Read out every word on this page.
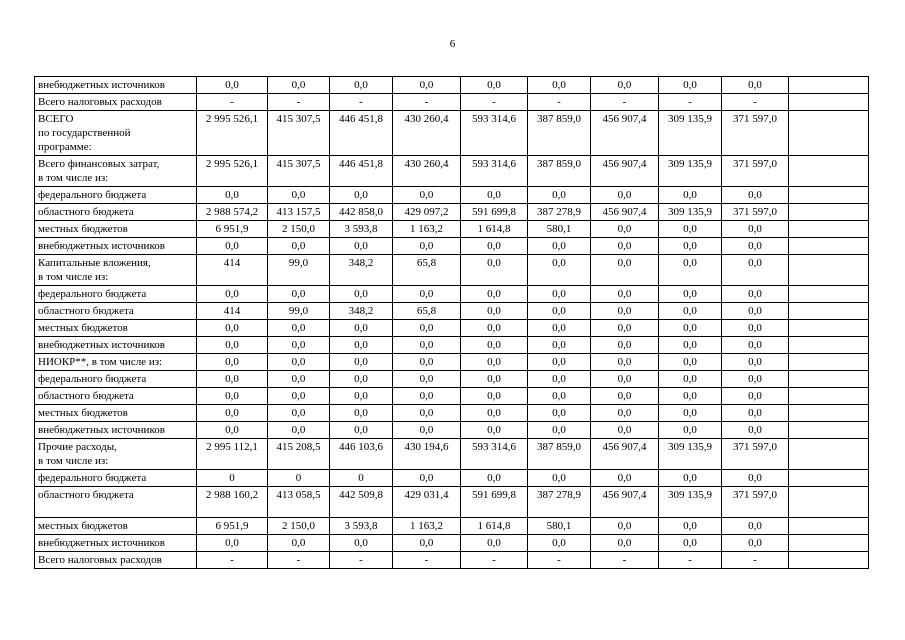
6
внебюджетных источников	0,0	0,0	0,0	0,0	0,0	0,0	0,0	0,0	0,0	

Всего налоговых расходов	-	-	-	-	-	-	-	-	-	

ВСЕГО
по государственной
программе:	2 995 526,1	415 307,5	446 451,8	430 260,4	593 314,6	387 859,0	456 907,4	309 135,9	371 597,0	

Всего финансовых затрат,
в том числе из:	2 995 526,1	415 307,5	446 451,8	430 260,4	593 314,6	387 859,0	456 907,4	309 135,9	371 597,0	

федерального бюджета	0,0	0,0	0,0	0,0	0,0	0,0	0,0	0,0	0,0	

областного бюджета	2 988 574,2	413 157,5	442 858,0	429 097,2	591 699,8	387 278,9	456 907,4	309 135,9	371 597,0	

местных бюджетов	6 951,9	2 150,0	3 593,8	1 163,2	1 614,8	580,1	0,0	0,0	0,0	

внебюджетных источников	0,0	0,0	0,0	0,0	0,0	0,0	0,0	0,0	0,0	

Капитальные вложения,
в том числе из:	414	99,0	348,2	65,8	0,0	0,0	0,0	0,0	0,0	

федерального бюджета	0,0	0,0	0,0	0,0	0,0	0,0	0,0	0,0	0,0	

областного бюджета	414	99,0	348,2	65,8	0,0	0,0	0,0	0,0	0,0	

местных бюджетов	0,0	0,0	0,0	0,0	0,0	0,0	0,0	0,0	0,0	

внебюджетных источников	0,0	0,0	0,0	0,0	0,0	0,0	0,0	0,0	0,0	

НИОКР**, в том числе из:	0,0	0,0	0,0	0,0	0,0	0,0	0,0	0,0	0,0	

федерального бюджета	0,0	0,0	0,0	0,0	0,0	0,0	0,0	0,0	0,0	

областного бюджета	0,0	0,0	0,0	0,0	0,0	0,0	0,0	0,0	0,0	

местных бюджетов	0,0	0,0	0,0	0,0	0,0	0,0	0,0	0,0	0,0	

внебюджетных источников	0,0	0,0	0,0	0,0	0,0	0,0	0,0	0,0	0,0	

Прочие расходы,
в том числе из:	2 995 112,1	415 208,5	446 103,6	430 194,6	593 314,6	387 859,0	456 907,4	309 135,9	371 597,0	

федерального бюджета	0	0	0	0,0	0,0	0,0	0,0	0,0	0,0	

областного бюджета	2 988 160,2	413 058,5	442 509,8	429 031,4	591 699,8	387 278,9	456 907,4	309 135,9	371 597,0	

местных бюджетов	6 951,9	2 150,0	3 593,8	1 163,2	1 614,8	580,1	0,0	0,0	0,0	

внебюджетных источников	0,0	0,0	0,0	0,0	0,0	0,0	0,0	0,0	0,0	

Всего налоговых расходов	-	-	-	-	-	-	-	-	-	
